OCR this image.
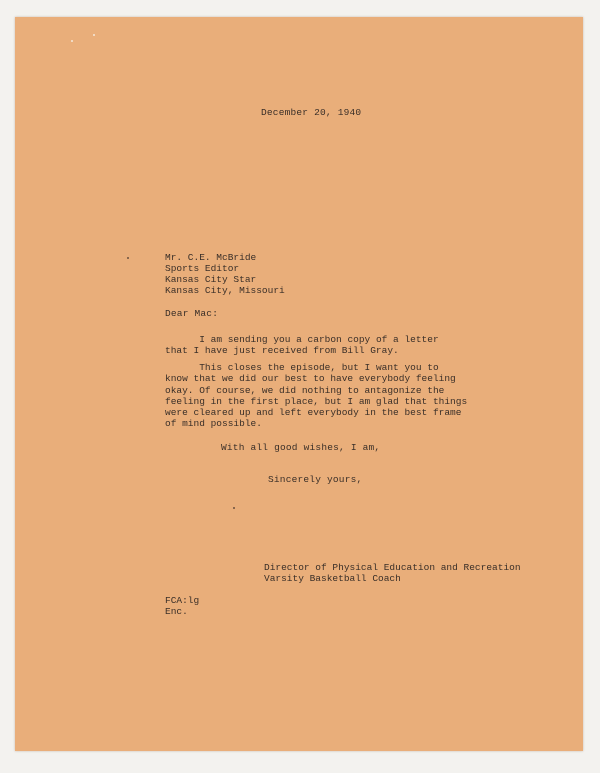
December 20, 1940
Mr. C.E. McBride
Sports Editor
Kansas City Star
Kansas City, Missouri
Dear Mac:
I am sending you a carbon copy of a letter
that I have just received from Bill Gray.
This closes the episode, but I want you to
know that we did our best to have everybody feeling
okay. Of course, we did nothing to antagonize the
feeling in the first place, but I am glad that things
were cleared up and left everybody in the best frame
of mind possible.
With all good wishes, I am,
Sincerely yours,
Director of Physical Education and Recreation
Varsity Basketball Coach
FCA:lg
Enc.
